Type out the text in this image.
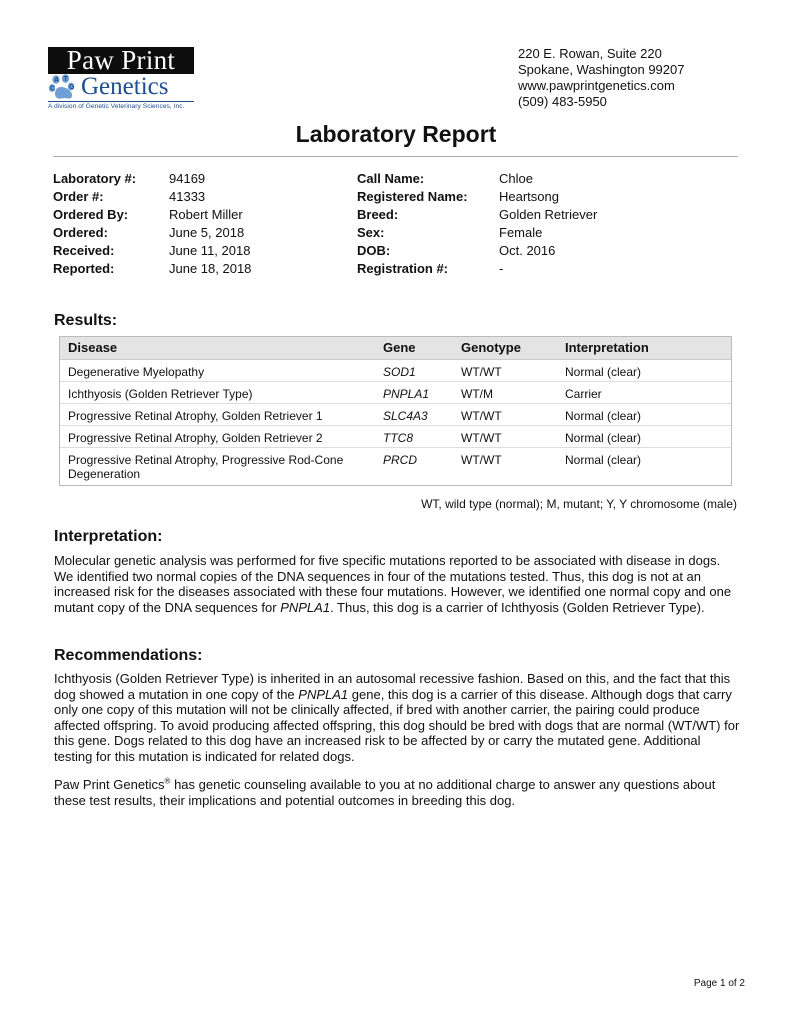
Paw Print
A T
C G Genetics
A division of Genetic Veterinary Sciences, Inc.
220 E. Rowan, Suite 220
Spokane, Washington 99207
www.pawprintgenetics.com
(509) 483-5950
Laboratory Report
Laboratory #:	94169
Order #:	41333
Ordered By:	Robert Miller
Ordered:	June 5, 2018
Received:	June 11, 2018
Reported:	June 18, 2018
Call Name:	Chloe
Registered Name: Heartsong
Breed:	Golden Retriever
Sex:	Female
DOB:	Oct. 2016
Registration #:	-
Results:
Disease	Gene	Genotype	Interpretation
Degenerative Myelopathy	SOD1	WT/WT	Normal (clear)
Ichthyosis (Golden Retriever Type)	PNPLA1	WT/M	Carrier
Progressive Retinal Atrophy, Golden Retriever 1	SLC4A3	WT/WT	Normal (clear)
Progressive Retinal Atrophy, Golden Retriever 2	TTC8	WT/WT	Normal (clear)
Progressive Retinal Atrophy, Progressive Rod-Cone Degeneration
PRCD	WT/WT	Normal (clear)
WT, wild type (normal); M, mutant; Y, Y chromosome (male)
Interpretation:
Molecular genetic analysis was performed for five specific mutations reported to be associated with disease in dogs. We identified two normal copies of the DNA sequences in four of the mutations tested. Thus, this dog is not at an increased risk for the diseases associated with these four mutations. However, we identified one normal copy and one mutant copy of the DNA sequences for PNPLA1. Thus, this dog is a carrier of Ichthyosis (Golden Retriever Type).
Recommendations:
Ichthyosis (Golden Retriever Type) is inherited in an autosomal recessive fashion. Based on this, and the fact that this dog showed a mutation in one copy of the PNPLA1 gene, this dog is a carrier of this disease. Although dogs that carry only one copy of this mutation will not be clinically affected, if bred with another carrier, the pairing could produce affected offspring. To avoid producing affected offspring, this dog should be bred with dogs that are normal (WT/WT) for this gene. Dogs related to this dog have an increased risk to be affected by or carry the mutated gene. Additional testing for this mutation is indicated for related dogs.
Paw Print Genetics® has genetic counseling available to you at no additional charge to answer any questions about these test results, their implications and potential outcomes in breeding this dog.
Page 1 of 2
